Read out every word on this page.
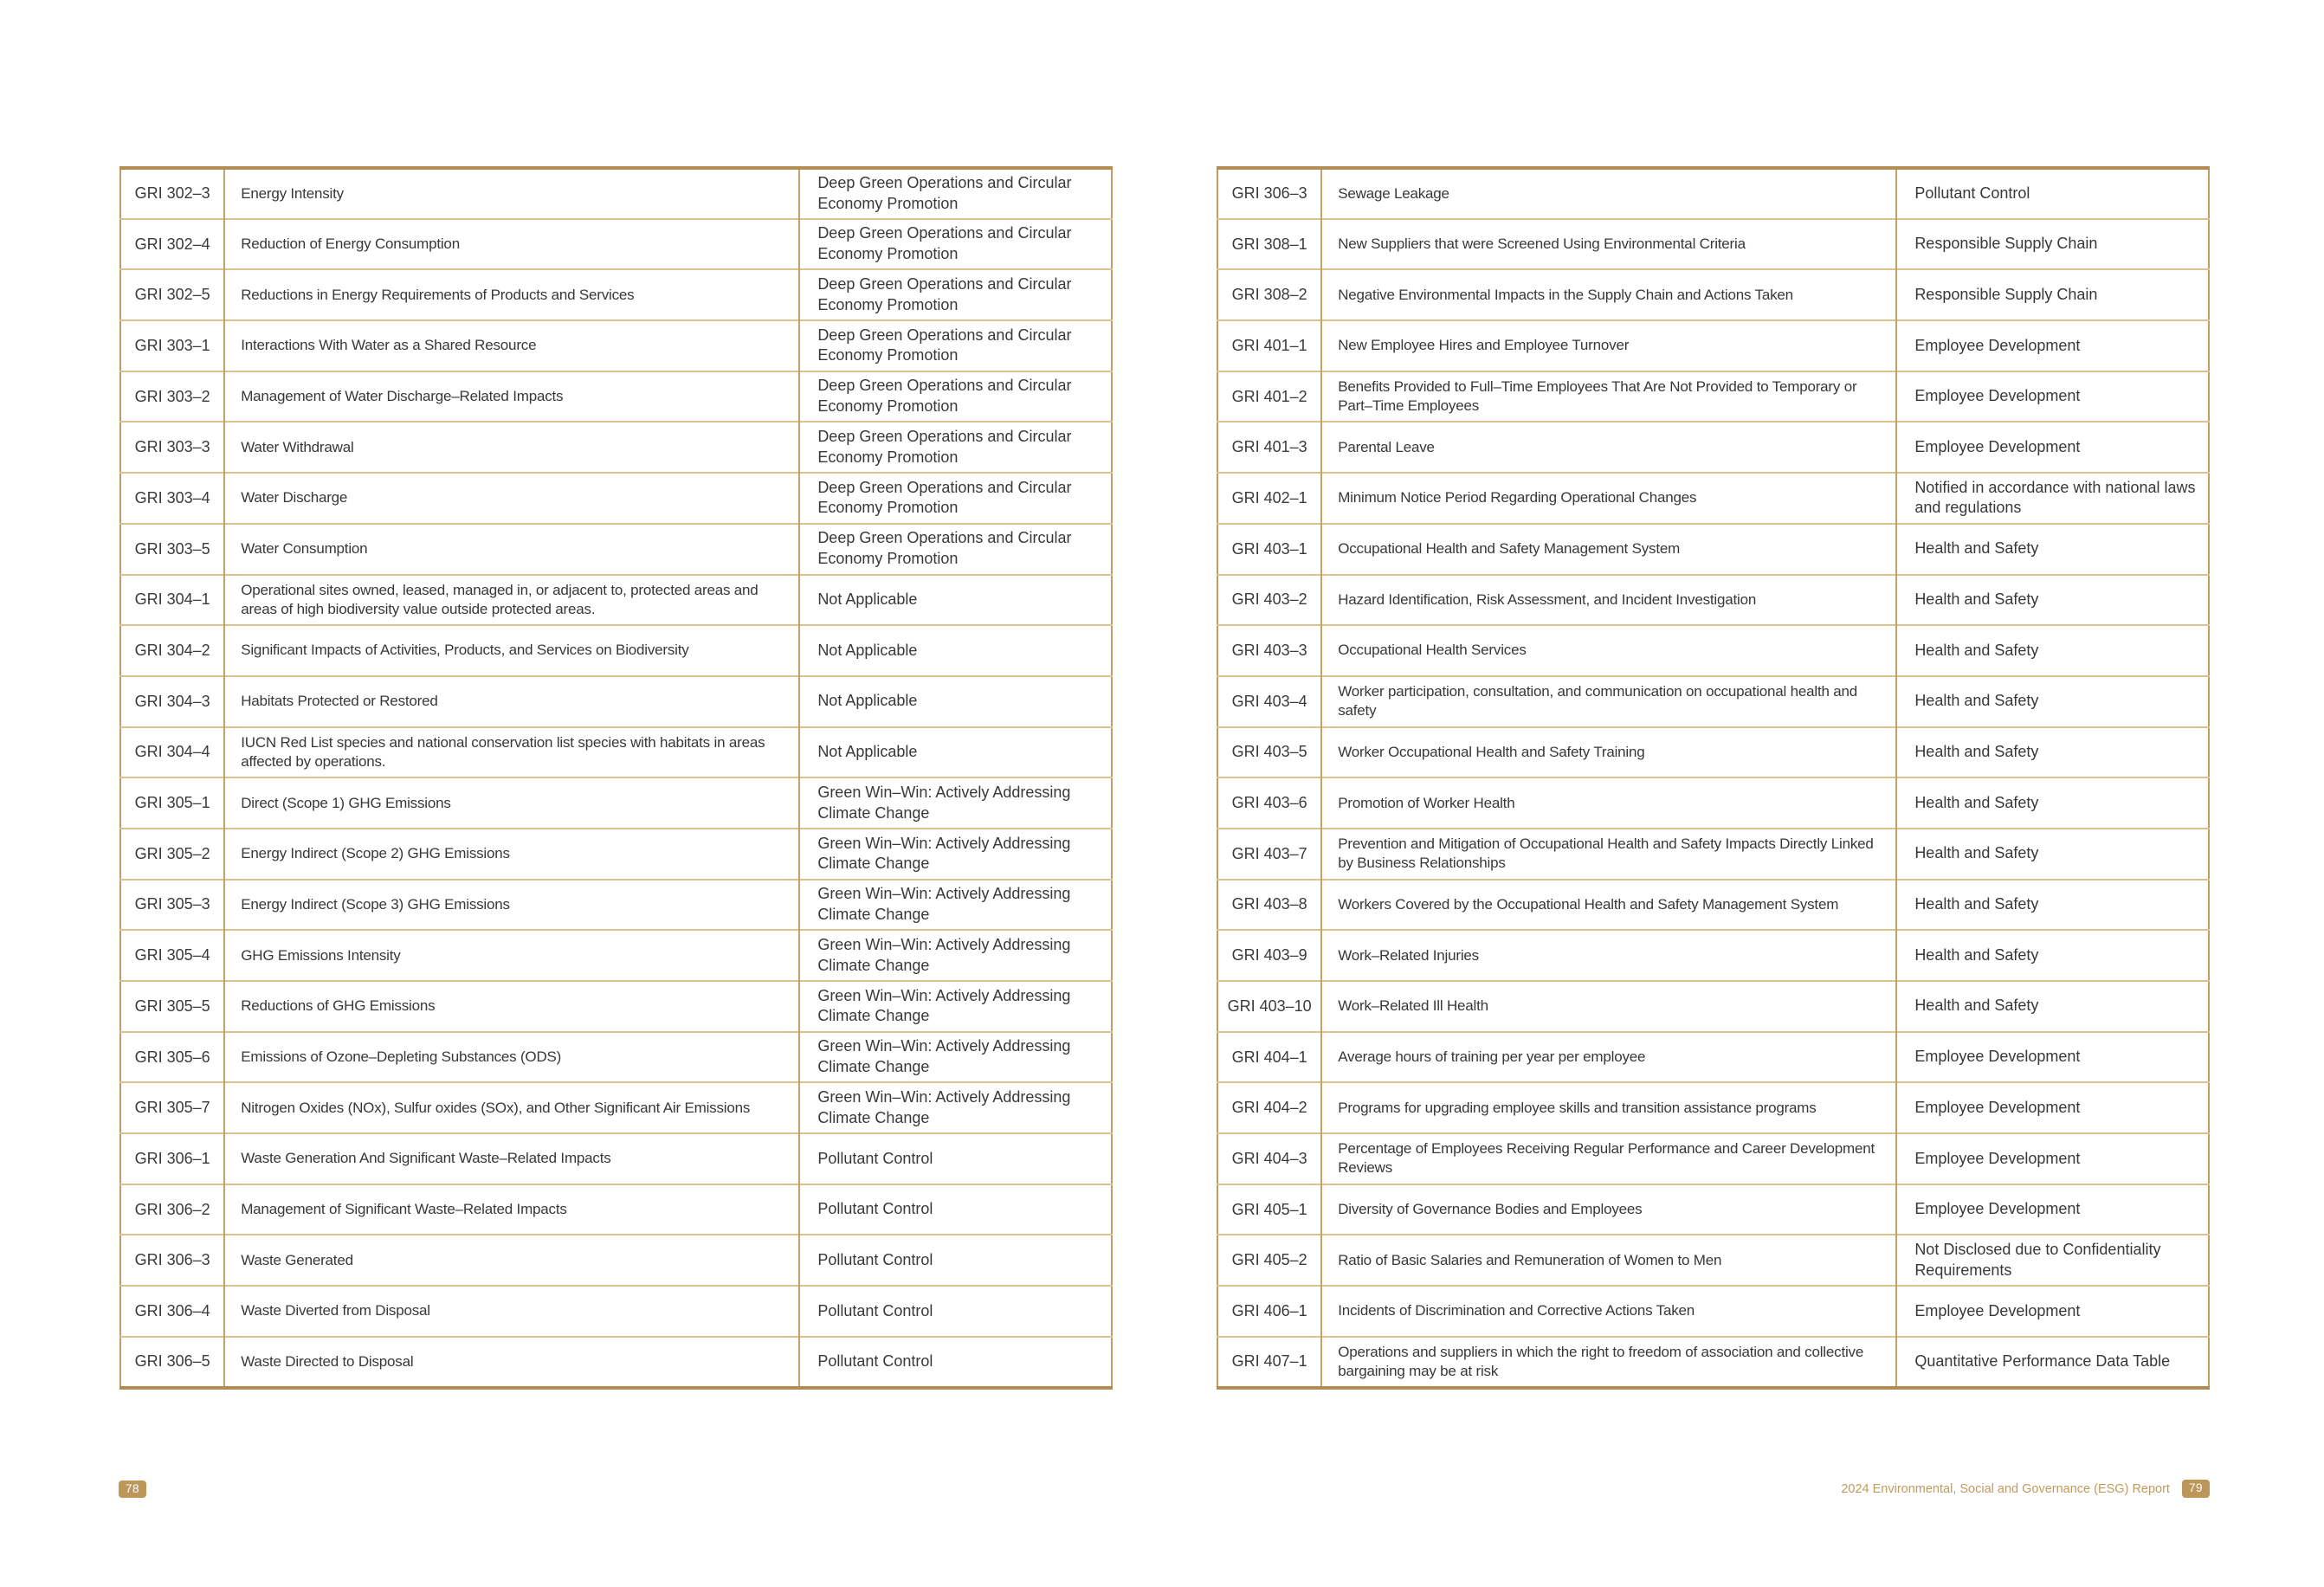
GRI 302–3	Energy Intensity	Deep Green Operations and Circular Economy Promotion
GRI 302–4	Reduction of Energy Consumption	Deep Green Operations and Circular Economy Promotion
GRI 302–5	Reductions in Energy Requirements of Products and Services	Deep Green Operations and Circular Economy Promotion
GRI 303–1	Interactions With Water as a Shared Resource	Deep Green Operations and Circular Economy Promotion
GRI 303–2	Management of Water Discharge–Related Impacts	Deep Green Operations and Circular Economy Promotion
GRI 303–3	Water Withdrawal	Deep Green Operations and Circular Economy Promotion
GRI 303–4	Water Discharge	Deep Green Operations and Circular Economy Promotion
GRI 303–5	Water Consumption	Deep Green Operations and Circular Economy Promotion
GRI 304–1	Operational sites owned, leased, managed in, or adjacent to, protected areas and areas of high biodiversity value outside protected areas.	Not Applicable
GRI 304–2	Significant Impacts of Activities, Products, and Services on Biodiversity	Not Applicable
GRI 304–3	Habitats Protected or Restored	Not Applicable
GRI 304–4	IUCN Red List species and national conservation list species with habitats in areas affected by operations.	Not Applicable
GRI 305–1	Direct (Scope 1) GHG Emissions	Green Win–Win: Actively Addressing Climate Change
GRI 305–2	Energy Indirect (Scope 2) GHG Emissions	Green Win–Win: Actively Addressing Climate Change
GRI 305–3	Energy Indirect (Scope 3) GHG Emissions	Green Win–Win: Actively Addressing Climate Change
GRI 305–4	GHG Emissions Intensity	Green Win–Win: Actively Addressing Climate Change
GRI 305–5	Reductions of GHG Emissions	Green Win–Win: Actively Addressing Climate Change
GRI 305–6	Emissions of Ozone–Depleting Substances (ODS)	Green Win–Win: Actively Addressing Climate Change
GRI 305–7	Nitrogen Oxides (NOx), Sulfur oxides (SOx), and Other Significant Air Emissions	Green Win–Win: Actively Addressing Climate Change
GRI 306–1	Waste Generation And Significant Waste–Related Impacts	Pollutant Control
GRI 306–2	Management of Significant Waste–Related Impacts	Pollutant Control
GRI 306–3	Waste Generated	Pollutant Control
GRI 306–4	Waste Diverted from Disposal	Pollutant Control
GRI 306–5	Waste Directed to Disposal	Pollutant Control
GRI 306–3	Sewage Leakage	Pollutant Control
GRI 308–1	New Suppliers that were Screened Using Environmental Criteria	Responsible Supply Chain
GRI 308–2	Negative Environmental Impacts in the Supply Chain and Actions Taken	Responsible Supply Chain
GRI 401–1	New Employee Hires and Employee Turnover	Employee Development
GRI 401–2	Benefits Provided to Full–Time Employees That Are Not Provided to Temporary or Part–Time Employees	Employee Development
GRI 401–3	Parental Leave	Employee Development
GRI 402–1	Minimum Notice Period Regarding Operational Changes	Notified in accordance with national laws and regulations
GRI 403–1	Occupational Health and Safety Management System	Health and Safety
GRI 403–2	Hazard Identification, Risk Assessment, and Incident Investigation	Health and Safety
GRI 403–3	Occupational Health Services	Health and Safety
GRI 403–4	Worker participation, consultation, and communication on occupational health and safety	Health and Safety
GRI 403–5	Worker Occupational Health and Safety Training	Health and Safety
GRI 403–6	Promotion of Worker Health	Health and Safety
GRI 403–7	Prevention and Mitigation of Occupational Health and Safety Impacts Directly Linked by Business Relationships	Health and Safety
GRI 403–8	Workers Covered by the Occupational Health and Safety Management System	Health and Safety
GRI 403–9	Work–Related Injuries	Health and Safety
GRI 403–10	Work–Related Ill Health	Health and Safety
GRI 404–1	Average hours of training per year per employee	Employee Development
GRI 404–2	Programs for upgrading employee skills and transition assistance programs	Employee Development
GRI 404–3	Percentage of Employees Receiving Regular Performance and Career Development Reviews	Employee Development
GRI 405–1	Diversity of Governance Bodies and Employees	Employee Development
GRI 405–2	Ratio of Basic Salaries and Remuneration of Women to Men	Not Disclosed due to Confidentiality Requirements
GRI 406–1	Incidents of Discrimination and Corrective Actions Taken	Employee Development
GRI 407–1	Operations and suppliers in which the right to freedom of association and collective bargaining may be at risk	Quantitative Performance Data Table
78	2024 Environmental, Social and Governance (ESG) Report	79
